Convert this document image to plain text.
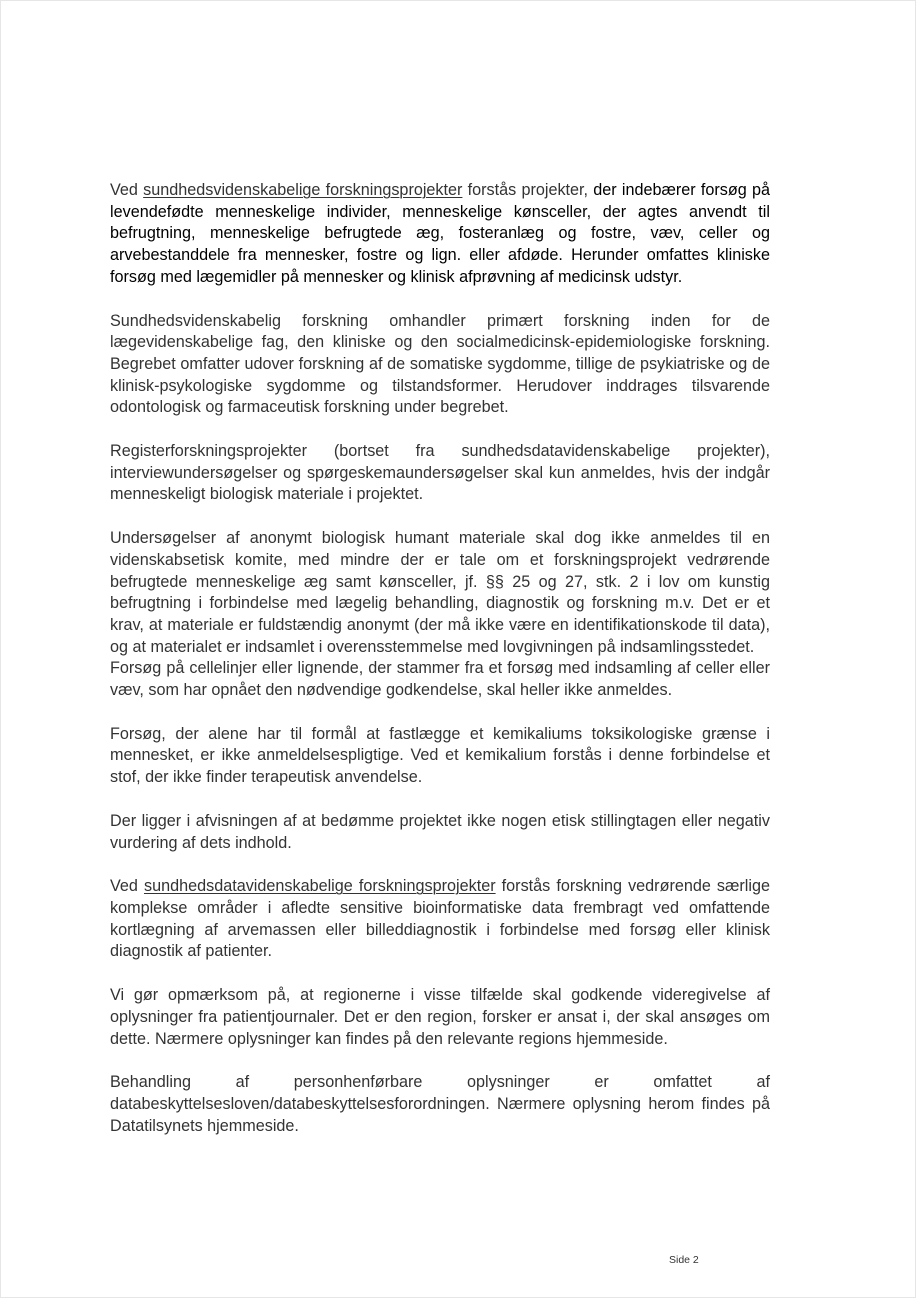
Ved sundhedsvidenskabelige forskningsprojekter forstås projekter, der indebærer forsøg på levendefødte menneskelige individer, menneskelige kønsceller, der agtes anvendt til befrugtning, menneskelige befrugtede æg, fosteranlæg og fostre, væv, celler og arvebestanddele fra mennesker, fostre og lign. eller afdøde. Herunder omfattes kliniske forsøg med lægemidler på mennesker og klinisk afprøvning af medicinsk udstyr.

Sundhedsvidenskabelig forskning omhandler primært forskning inden for de lægevidenskabelige fag, den kliniske og den socialmedicinsk-epidemiologiske forskning. Begrebet omfatter udover forskning af de somatiske sygdomme, tillige de psykiatriske og de klinisk-psykologiske sygdomme og tilstandsformer. Herudover inddrages tilsvarende odontologisk og farmaceutisk forskning under begrebet.

Registerforskningsprojekter (bortset fra sundhedsdatavidenskabelige projekter), interviewundersøgelser og spørgeskemaundersøgelser skal kun anmeldes, hvis der indgår menneskeligt biologisk materiale i projektet.

Undersøgelser af anonymt biologisk humant materiale skal dog ikke anmeldes til en videnskabsetisk komite, med mindre der er tale om et forskningsprojekt vedrørende befrugtede menneskelige æg samt kønsceller, jf. §§ 25 og 27, stk. 2 i lov om kunstig befrugtning i forbindelse med lægelig behandling, diagnostik og forskning m.v. Det er et krav, at materiale er fuldstændig anonymt (der må ikke være en identifikationskode til data), og at materialet er indsamlet i overensstemmelse med lovgivningen på indsamlingsstedet.

Forsøg på cellelinjer eller lignende, der stammer fra et forsøg med indsamling af celler eller væv, som har opnået den nødvendige godkendelse, skal heller ikke anmeldes.

Forsøg, der alene har til formål at fastlægge et kemikaliums toksikologiske grænse i mennesket, er ikke anmeldelsespligtige. Ved et kemikalium forstås i denne forbindelse et stof, der ikke finder terapeutisk anvendelse.

Der ligger i afvisningen af at bedømme projektet ikke nogen etisk stillingtagen eller negativ vurdering af dets indhold.

Ved sundhedsdatavidenskabelige forskningsprojekter forstås forskning vedrørende særlige komplekse områder i afledte sensitive bioinformatiske data frembragt ved omfattende kortlægning af arvemassen eller billeddiagnostik i forbindelse med forsøg eller klinisk diagnostik af patienter.

Vi gør opmærksom på, at regionerne i visse tilfælde skal godkende videregivelse af oplysninger fra patientjournaler. Det er den region, forsker er ansat i, der skal ansøges om dette. Nærmere oplysninger kan findes på den relevante regions hjemmeside.

Behandling af personhenførbare oplysninger er omfattet af databeskyttelsesloven/databeskyttelsesforordningen. Nærmere oplysning herom findes på Datatilsynets hjemmeside.

Side 2
